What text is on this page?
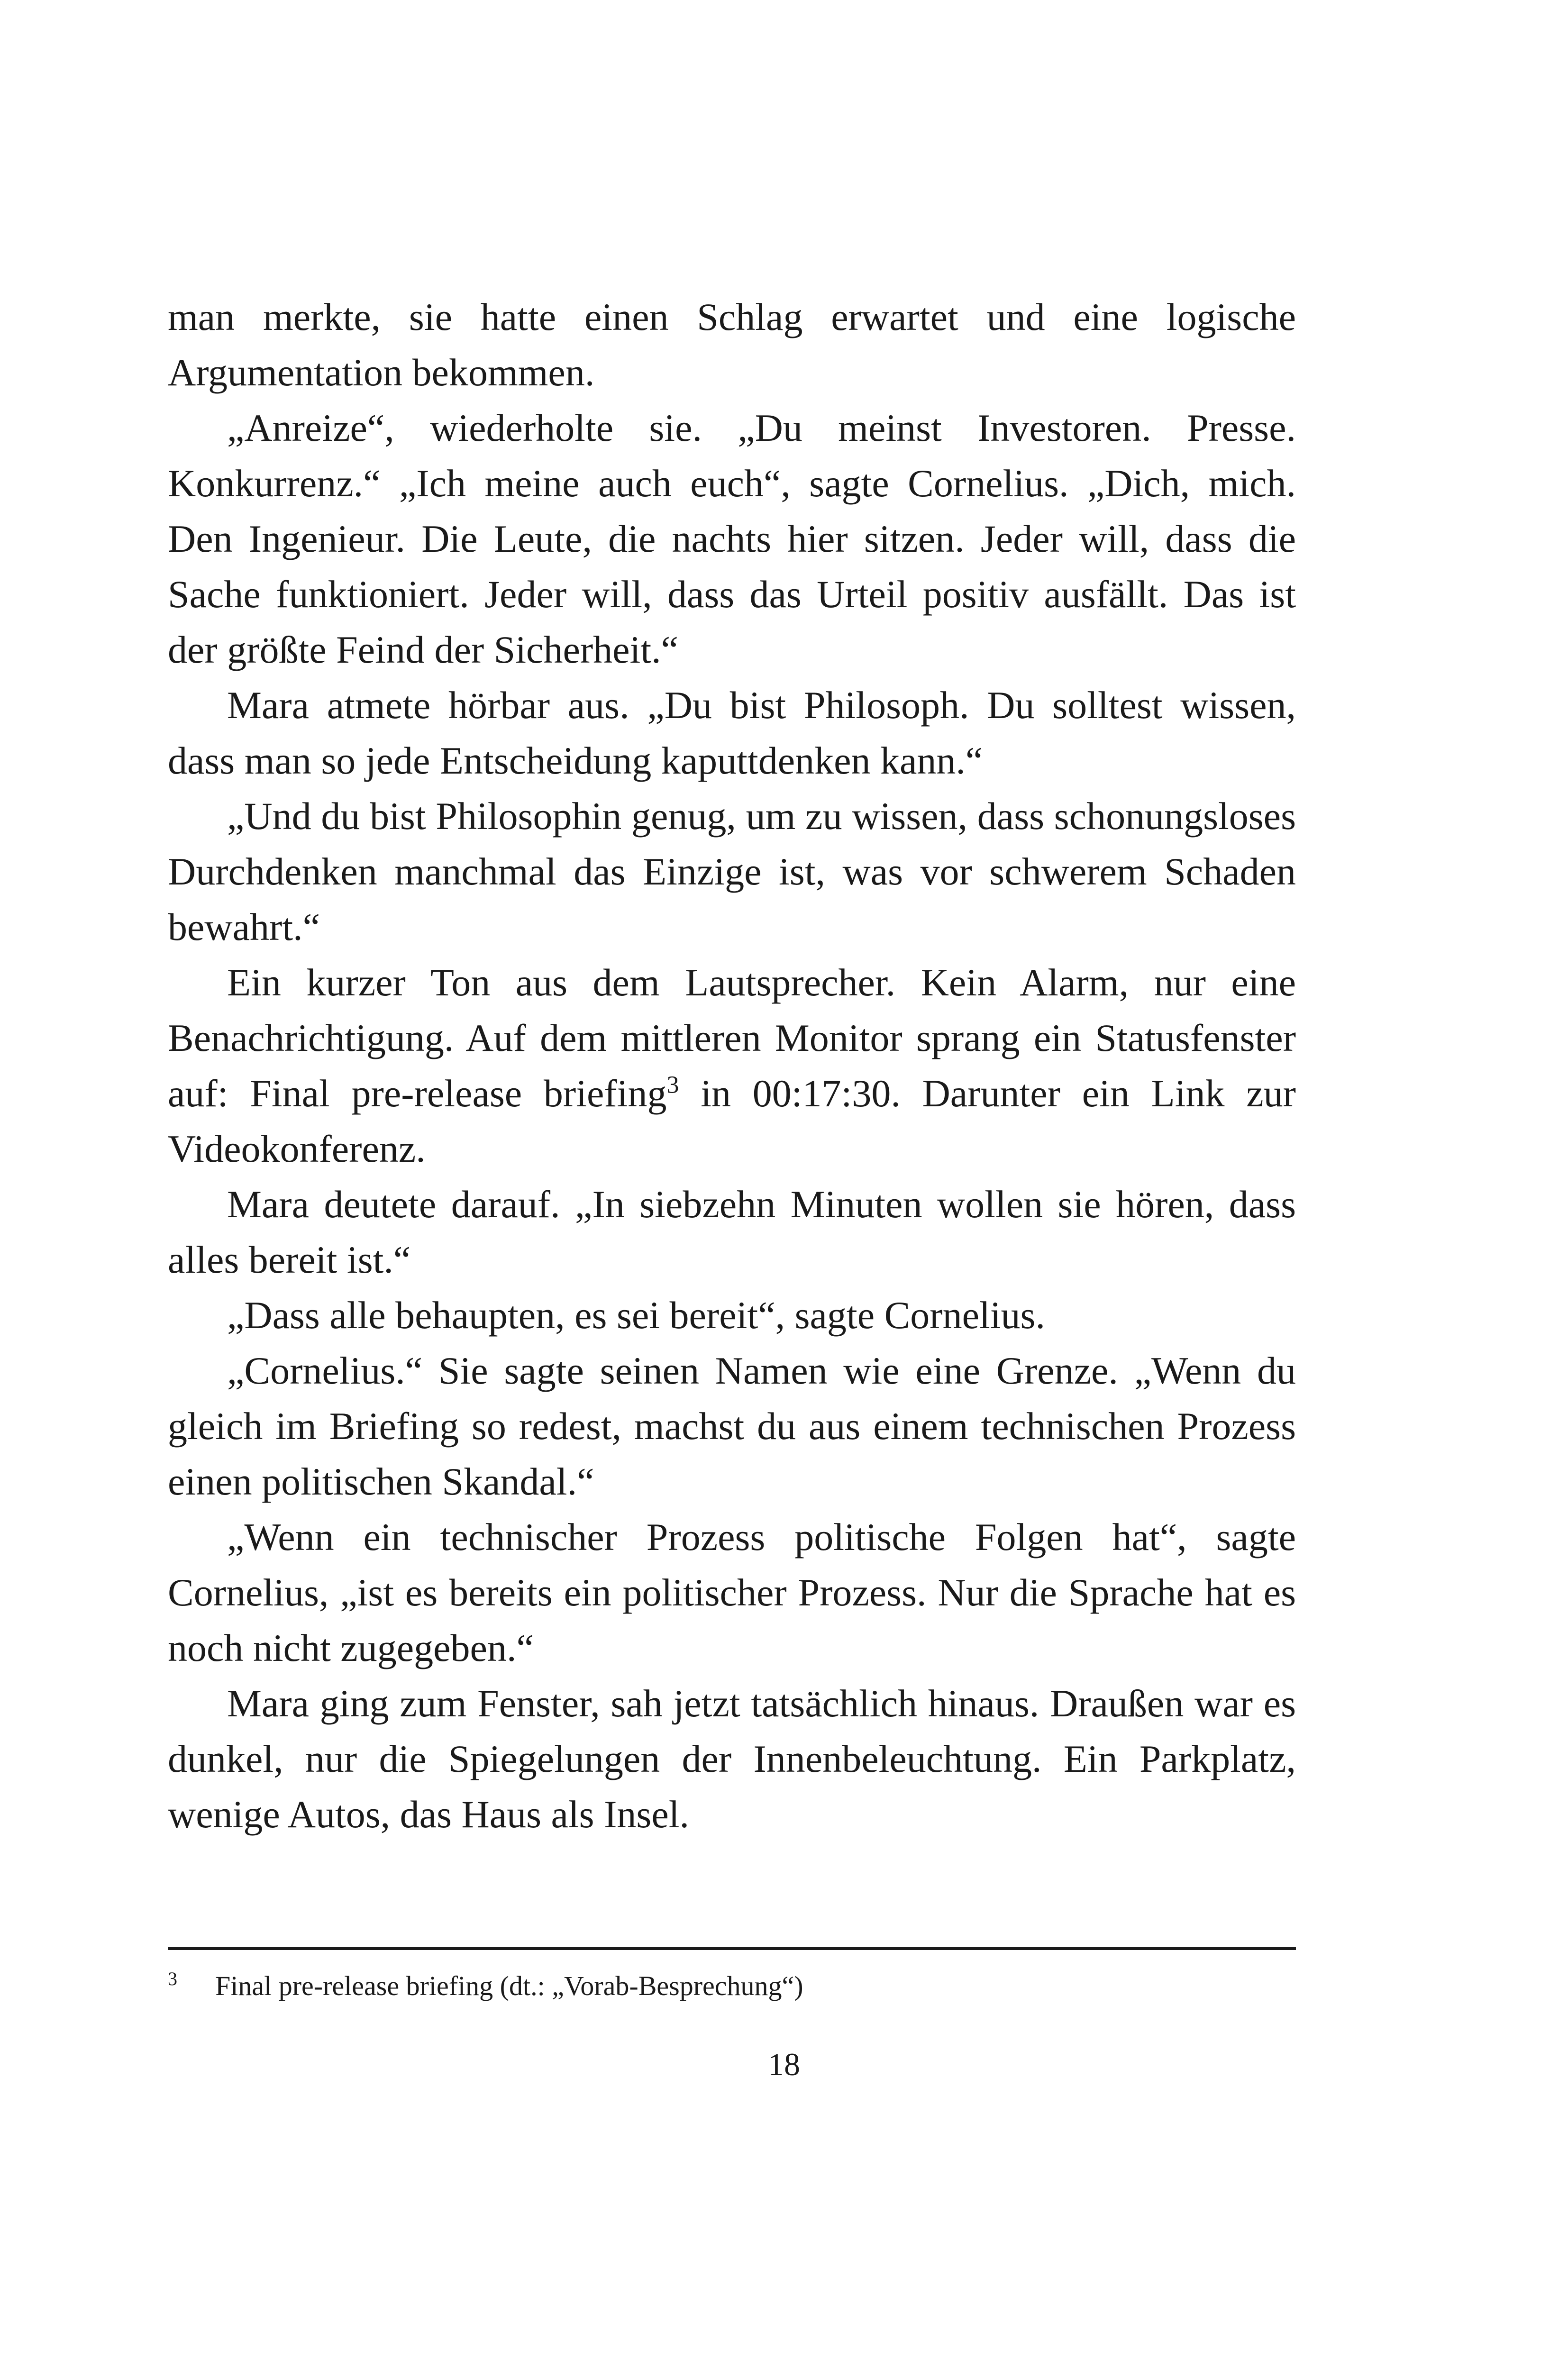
man merkte, sie hatte einen Schlag erwartet und eine logische Argumentation bekommen.

„Anreize“, wiederholte sie. „Du meinst Investoren. Presse. Konkurrenz.“ „Ich meine auch euch“, sagte Cornelius. „Dich, mich. Den Ingenieur. Die Leute, die nachts hier sitzen. Jeder will, dass die Sache funktioniert. Jeder will, dass das Urteil positiv ausfällt. Das ist der größte Feind der Sicherheit.“

Mara atmete hörbar aus. „Du bist Philosoph. Du solltest wissen, dass man so jede Entscheidung kaputtdenken kann.“

„Und du bist Philosophin genug, um zu wissen, dass schonungsloses Durchdenken manchmal das Einzige ist, was vor schwerem Schaden bewahrt.“

Ein kurzer Ton aus dem Lautsprecher. Kein Alarm, nur eine Benachrichtigung. Auf dem mittleren Monitor sprang ein Statusfenster auf: Final pre-release briefing$^3$ in 00:17:30. Darunter ein Link zur Videokonferenz.

Mara deutete darauf. „In siebzehn Minuten wollen sie hören, dass alles bereit ist.“

„Dass alle behaupten, es sei bereit“, sagte Cornelius.

„Cornelius.“ Sie sagte seinen Namen wie eine Grenze. „Wenn du gleich im Briefing so redest, machst du aus einem technischen Prozess einen politischen Skandal.“

„Wenn ein technischer Prozess politische Folgen hat“, sagte Cornelius, „ist es bereits ein politischer Prozess. Nur die Sprache hat es noch nicht zugegeben.“

Mara ging zum Fenster, sah jetzt tatsächlich hinaus. Draußen war es dunkel, nur die Spiegelungen der Innenbeleuchtung. Ein Parkplatz, wenige Autos, das Haus als Insel.

3 Final pre-release briefing (dt.: „Vorab-Besprechung“)
18
